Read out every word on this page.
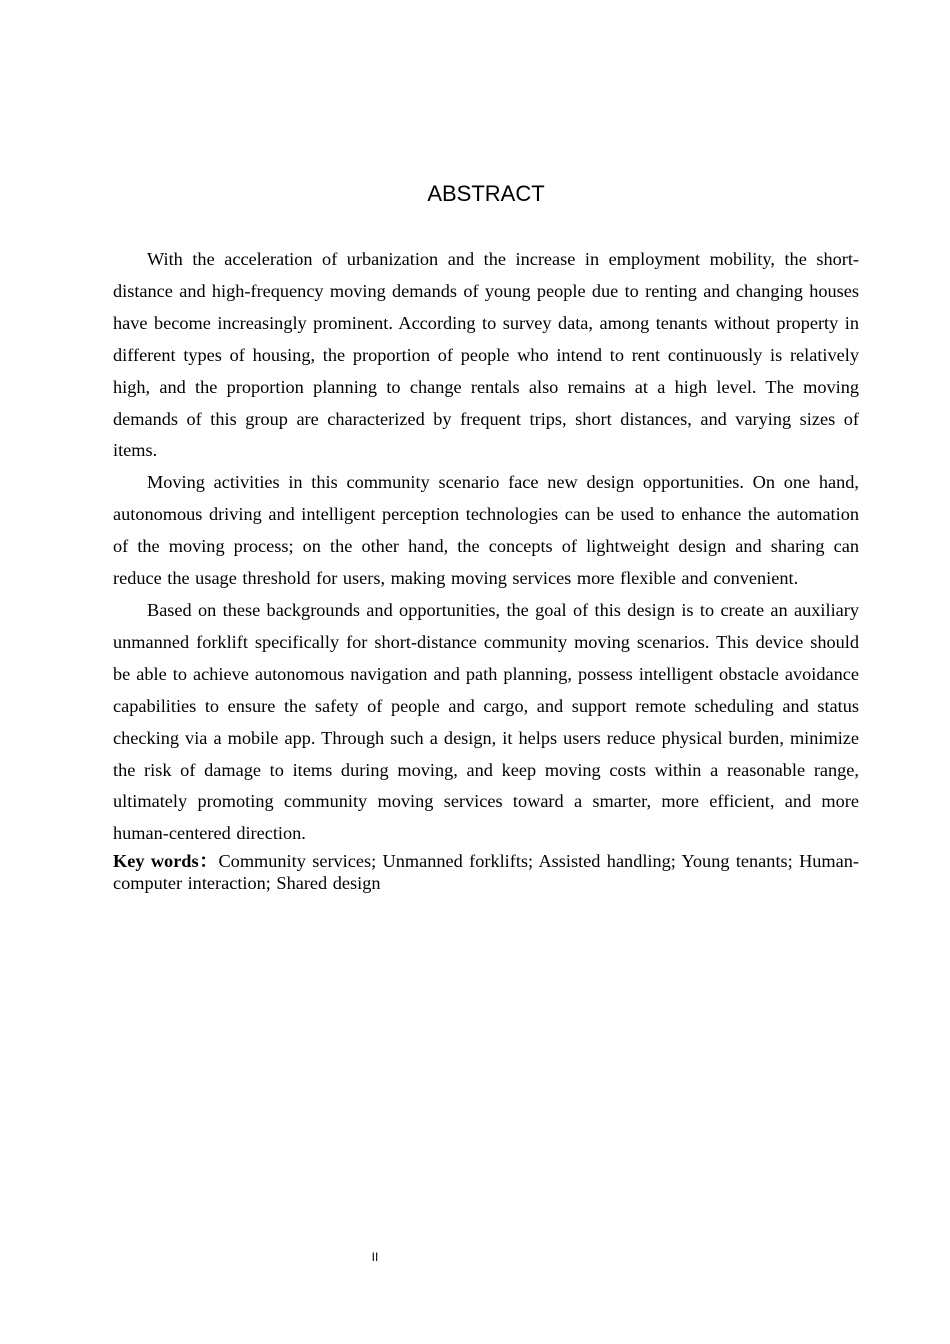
ABSTRACT

With the acceleration of urbanization and the increase in employment mobility, the short-distance and high-frequency moving demands of young people due to renting and changing houses have become increasingly prominent. According to survey data, among tenants without property in different types of housing, the proportion of people who intend to rent continuously is relatively high, and the proportion planning to change rentals also remains at a high level. The moving demands of this group are characterized by frequent trips, short distances, and varying sizes of items.

Moving activities in this community scenario face new design opportunities. On one hand, autonomous driving and intelligent perception technologies can be used to enhance the automation of the moving process; on the other hand, the concepts of lightweight design and sharing can reduce the usage threshold for users, making moving services more flexible and convenient.

Based on these backgrounds and opportunities, the goal of this design is to create an auxiliary unmanned forklift specifically for short-distance community moving scenarios. This device should be able to achieve autonomous navigation and path planning, possess intelligent obstacle avoidance capabilities to ensure the safety of people and cargo, and support remote scheduling and status checking via a mobile app. Through such a design, it helps users reduce physical burden, minimize the risk of damage to items during moving, and keep moving costs within a reasonable range, ultimately promoting community moving services toward a smarter, more efficient, and more human-centered direction.

Key words：Community services; Unmanned forklifts; Assisted handling; Young tenants; Human-computer interaction; Shared design

II
